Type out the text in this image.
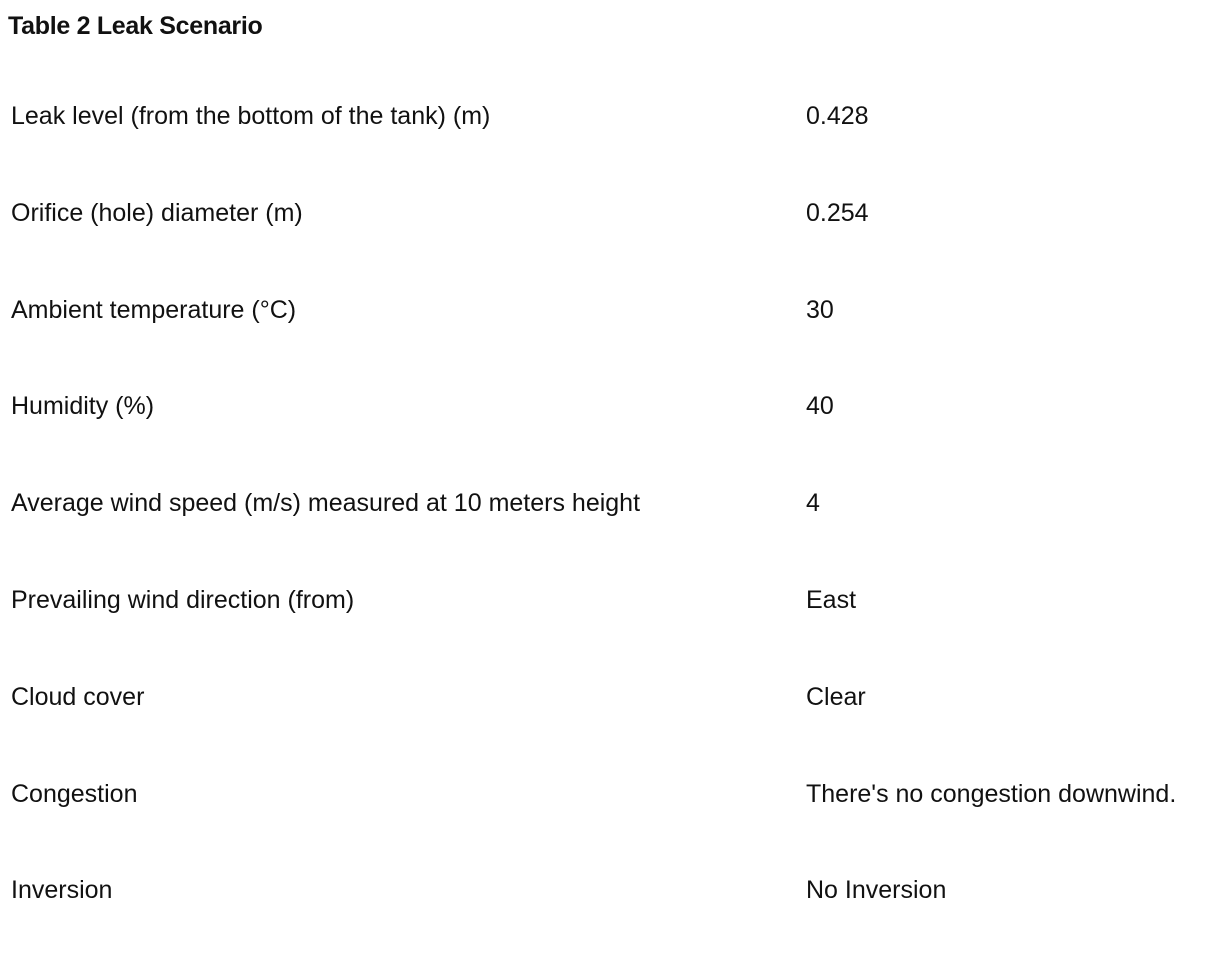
Table 2 Leak Scenario
Leak level (from the bottom of the tank) (m)	0.428
Orifice (hole) diameter (m)	0.254
Ambient temperature (°C)	30
Humidity (%)	40
Average wind speed (m/s) measured at 10 meters height	4
Prevailing wind direction (from)	East
Cloud cover	Clear
Congestion	There's no congestion downwind.
Inversion	No Inversion
